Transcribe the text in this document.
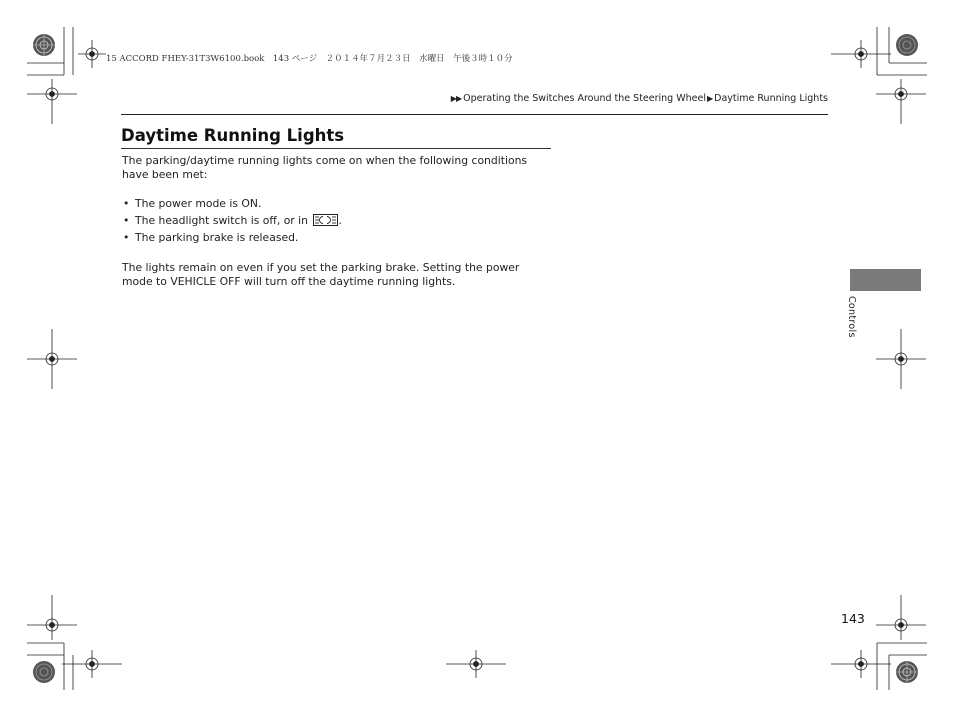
15 ACCORD FHEY-31T3W6100.book　143 ページ　２０１４年７月２３日　水曜日　午後３時１０分
▶▶ Operating the Switches Around the Steering Wheel▶Daytime Running Lights
Daytime Running Lights
The parking/daytime running lights come on when the following conditions have been met:
• The power mode is ON.
• The headlight switch is off, or in	.
• The parking brake is released.
The lights remain on even if you set the parking brake. Setting the power mode to VEHICLE OFF will turn off the daytime running lights.
Controls
143
